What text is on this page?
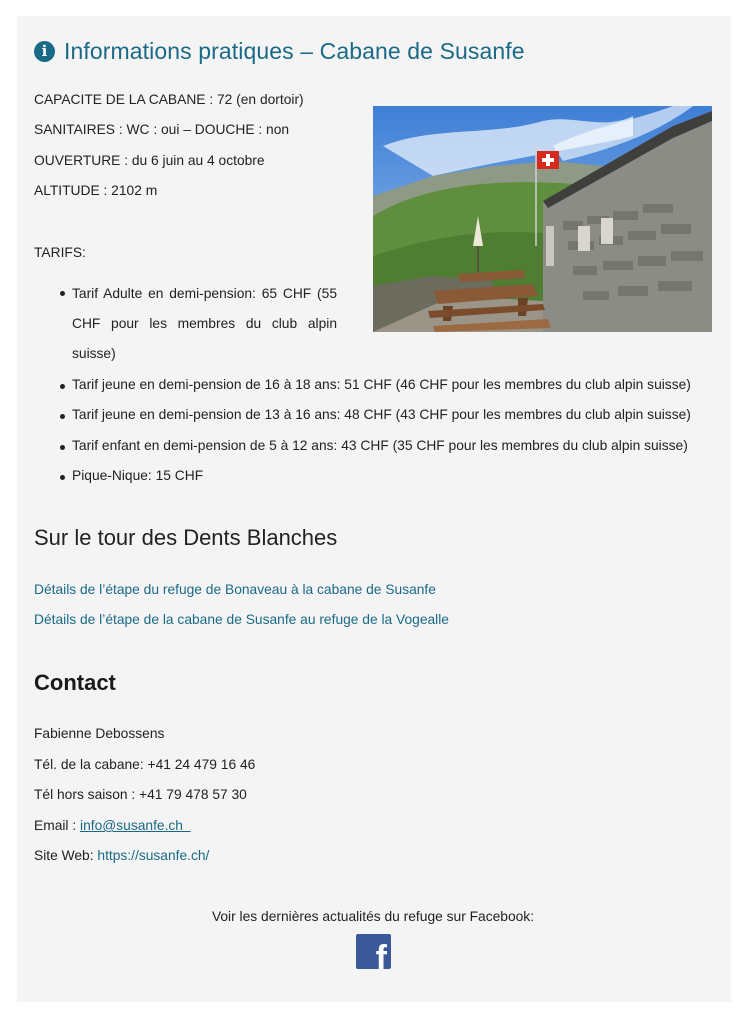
i Informations pratiques – Cabane de Susanfe
CAPACITE DE LA CABANE : 72 (en dortoir)
SANITAIRES : WC : oui – DOUCHE : non
OUVERTURE : du 6 juin au 4 octobre
ALTITUDE : 2102 m
TARIFS:
Tarif Adulte en demi-pension: 65 CHF (55 CHF pour les membres du club alpin suisse)
Tarif jeune en demi-pension de 16 à 18 ans: 51 CHF (46 CHF pour les membres du club alpin suisse)
Tarif jeune en demi-pension de 13 à 16 ans: 48 CHF (43 CHF pour les membres du club alpin suisse)
Tarif enfant en demi-pension de 5 à 12 ans: 43 CHF (35 CHF pour les membres du club alpin suisse)
Pique-Nique: 15 CHF
Sur le tour des Dents Blanches
Détails de l’étape du refuge de Bonaveau à la cabane de Susanfe
Détails de l’étape de la cabane de Susanfe au refuge de la Vogealle
Contact
Fabienne Debossens
Tél. de la cabane: +41 24 479 16 46
Tél hors saison : +41 79 478 57 30
Email : info@susanfe.ch
Site Web: https://susanfe.ch/
Voir les dernières actualités du refuge sur Facebook:
f
